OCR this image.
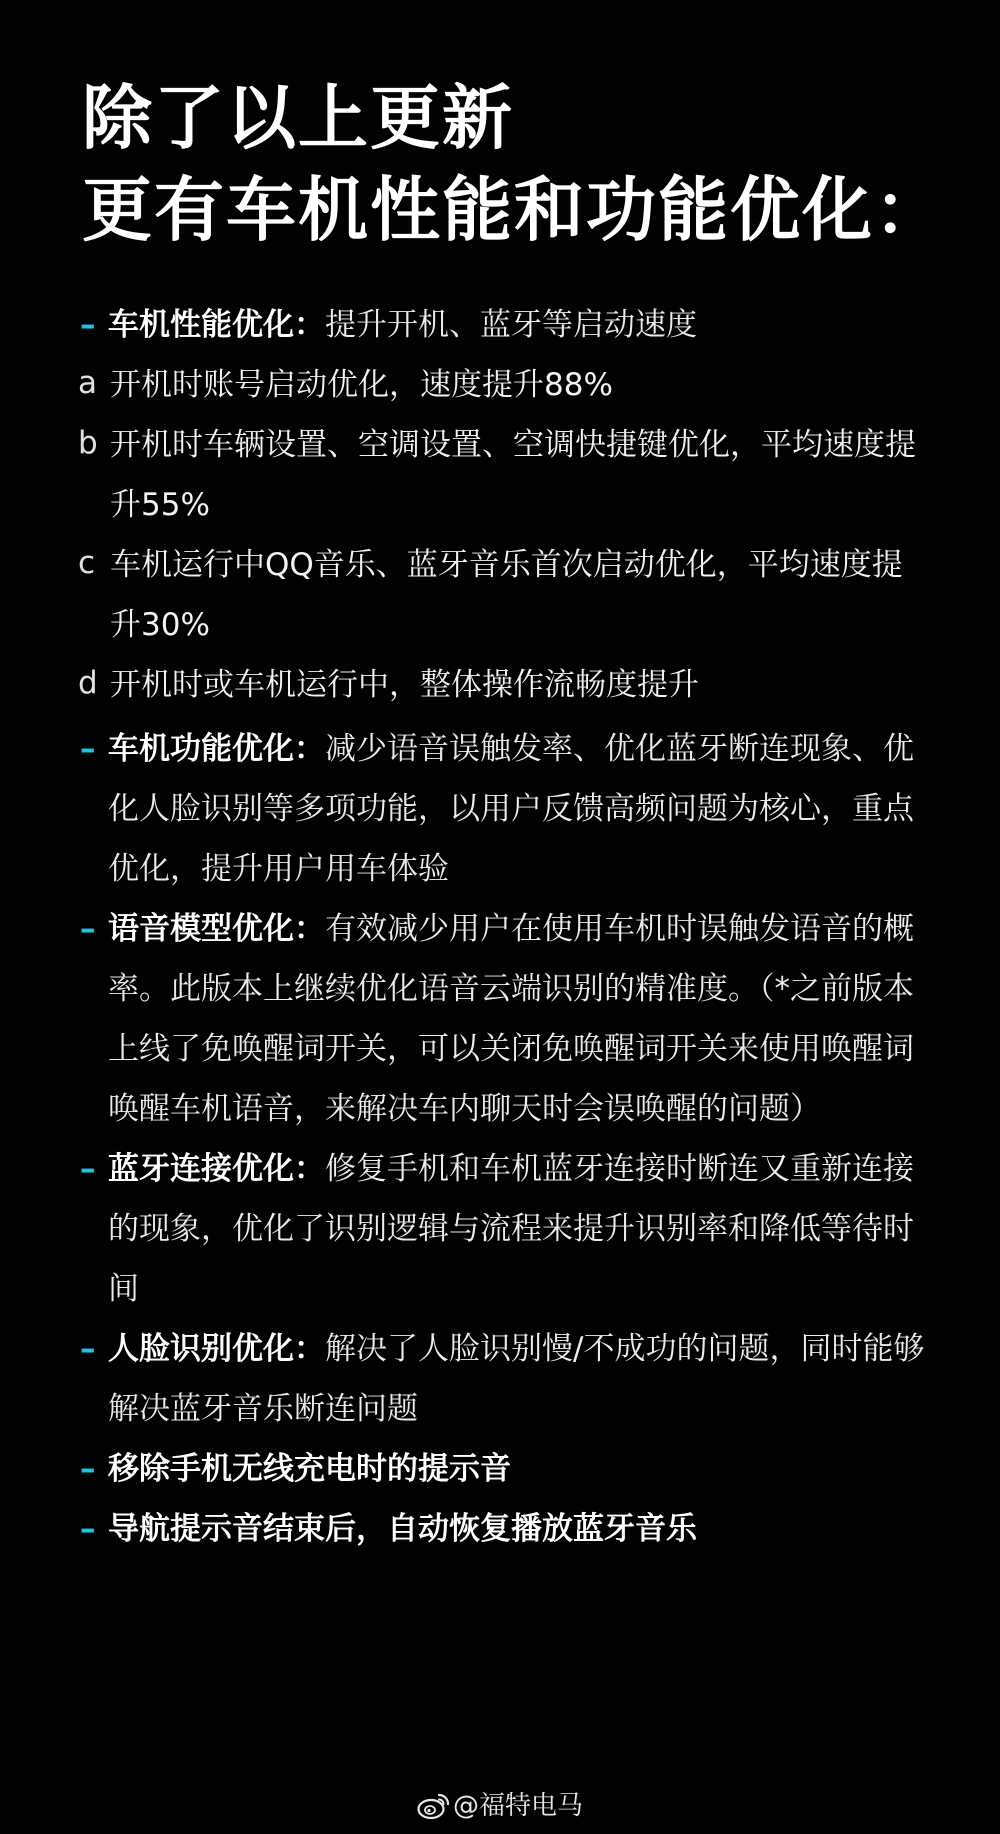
除了以上更新
更有车机性能和功能优化：
– 车机性能优化：提升开机、蓝牙等启动速度
a 开机时账号启动优化，速度提升88%
b 开机时车辆设置、空调设置、空调快捷键优化，平均速度提升55%
c 车机运行中QQ音乐、蓝牙音乐首次启动优化，平均速度提升30%
d 开机时或车机运行中，整体操作流畅度提升
– 车机功能优化：减少语音误触发率、优化蓝牙断连现象、优化人脸识别等多项功能，以用户反馈高频问题为核心，重点优化，提升用户用车体验
– 语音模型优化：有效减少用户在使用车机时误触发语音的概率。此版本上继续优化语音云端识别的精准度。（*之前版本上线了免唤醒词开关，可以关闭免唤醒词开关来使用唤醒词唤醒车机语音，来解决车内聊天时会误唤醒的问题）
– 蓝牙连接优化：修复手机和车机蓝牙连接时断连又重新连接的现象，优化了识别逻辑与流程来提升识别率和降低等待时间
– 人脸识别优化：解决了人脸识别慢/不成功的问题，同时能够解决蓝牙音乐断连问题
– 移除手机无线充电时的提示音
– 导航提示音结束后，自动恢复播放蓝牙音乐
@福特电马
